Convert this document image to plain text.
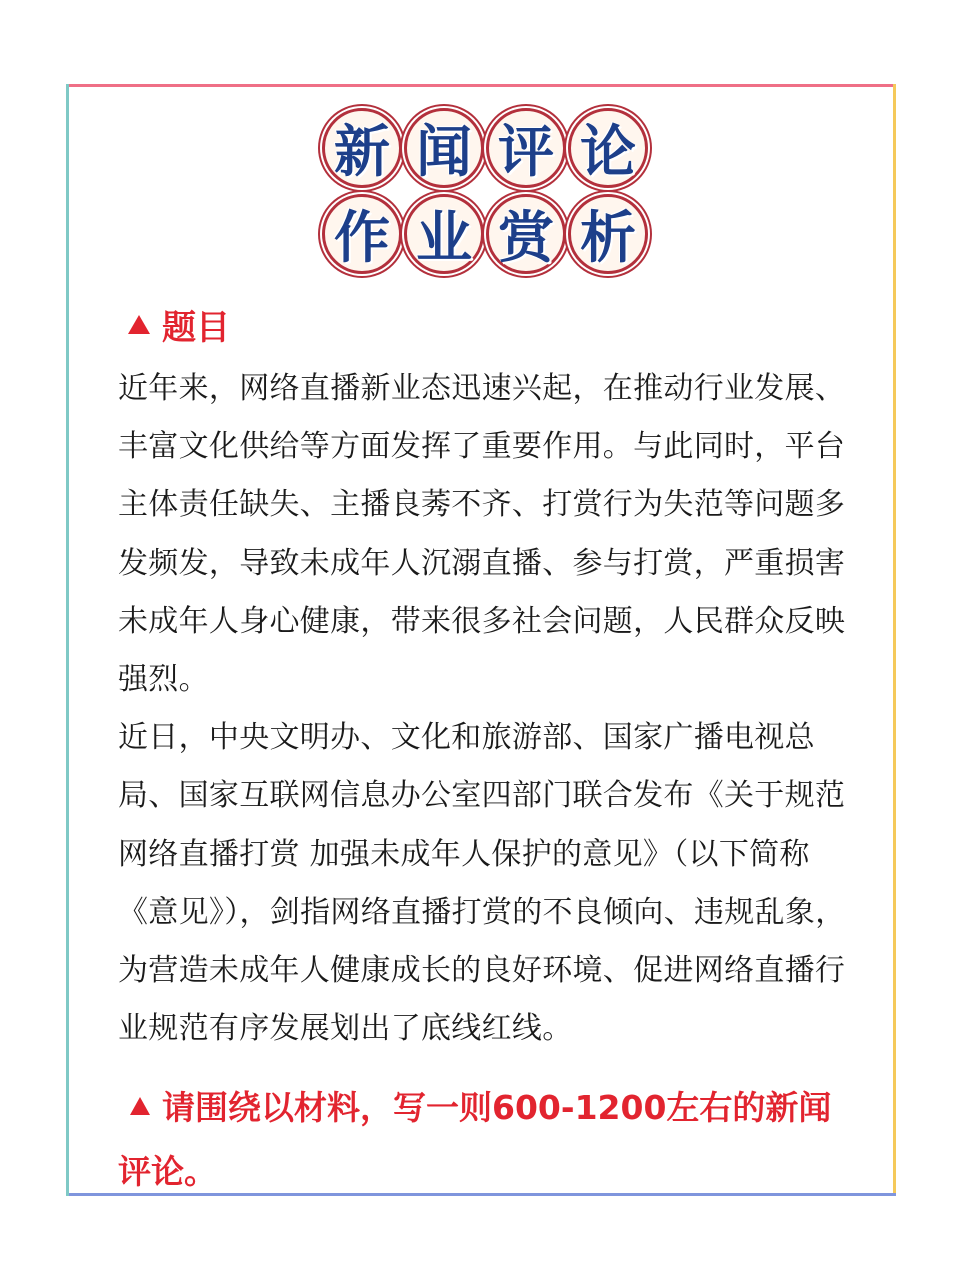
新 闻 评 论
作 业 赏 析
题目

近年来，网络直播新业态迅速兴起，在推动行业发展、丰富文化供给等方面发挥了重要作用。与此同时，平台主体责任缺失、主播良莠不齐、打赏行为失范等问题多发频发，导致未成年人沉溺直播、参与打赏，严重损害未成年人身心健康，带来很多社会问题，人民群众反映强烈。

近日，中央文明办、文化和旅游部、国家广播电视总局、国家互联网信息办公室四部门联合发布《关于规范网络直播打赏 加强未成年人保护的意见》（以下简称《意见》），剑指网络直播打赏的不良倾向、违规乱象，为营造未成年人健康成长的良好环境、促进网络直播行业规范有序发展划出了底线红线。

请围绕以材料，写一则600-1200左右的新闻评论。
